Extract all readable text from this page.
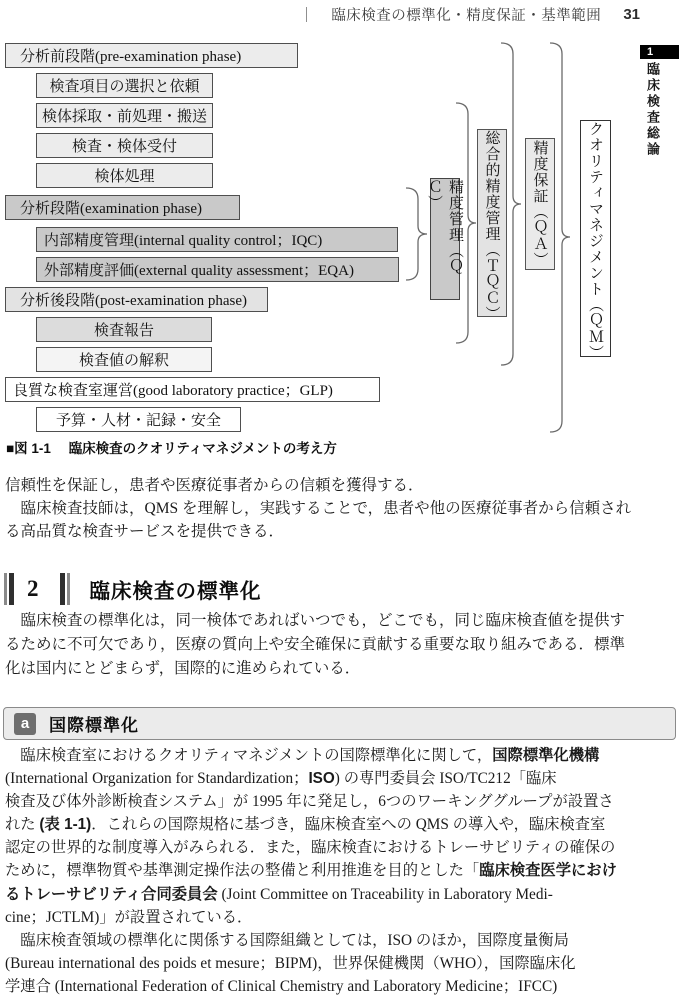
臨床検査の標準化・精度保証・基準範囲 31
1
臨床検査総論
分析前段階(pre-examination phase)
検査項目の選択と依頼
検体採取・前処理・搬送
検査・検体受付
検体処理
分析段階(examination phase)
内部精度管理(internal quality control；IQC)
外部精度評価(external quality assessment；EQA)
分析後段階(post-examination phase)
検査報告
検査値の解釈
良質な検査室運営(good laboratory practice；GLP)
予算・人材・記録・安全
精度管理（ＱＣ）	総合的精度管理（ＴＱＣ）	精度保証（ＱＡ）	クオリティマネジメント（ＱＭ）
■図 1-1 臨床検査のクオリティマネジメントの考え方
信頼性を保証し，患者や医療従事者からの信頼を獲得する．
　臨床検査技師は，QMS を理解し，実践することで，患者や他の医療従事者から信頼され
る高品質な検査サービスを提供できる．
2 臨床検査の標準化
　臨床検査の標準化は，同一検体であればいつでも，どこでも，同じ臨床検査値を提供す
るために不可欠であり，医療の質向上や安全確保に貢献する重要な取り組みである．標準
化は国内にとどまらず，国際的に進められている．
a	国際標準化
　臨床検査室におけるクオリティマネジメントの国際標準化に関して，国際標準化機構
(International Organization for Standardization；ISO) の専門委員会 ISO/TC212「臨床
検査及び体外診断検査システム」が 1995 年に発足し，6つのワーキンググループが設置さ
れた (表 1-1)．これらの国際規格に基づき，臨床検査室への QMS の導入や，臨床検査室
認定の世界的な制度導入がみられる．また，臨床検査におけるトレーサビリティの確保の
ために，標準物質や基準測定操作法の整備と利用推進を目的とした「臨床検査医学におけ
るトレーサビリティ合同委員会 (Joint Committee on Traceability in Laboratory Medi-
cine；JCTLM)」が設置されている．
　臨床検査領域の標準化に関係する国際組織としては，ISO のほか，国際度量衡局
(Bureau international des poids et mesure；BIPM)，世界保健機関（WHO），国際臨床化
学連合 (International Federation of Clinical Chemistry and Laboratory Medicine；IFCC)
